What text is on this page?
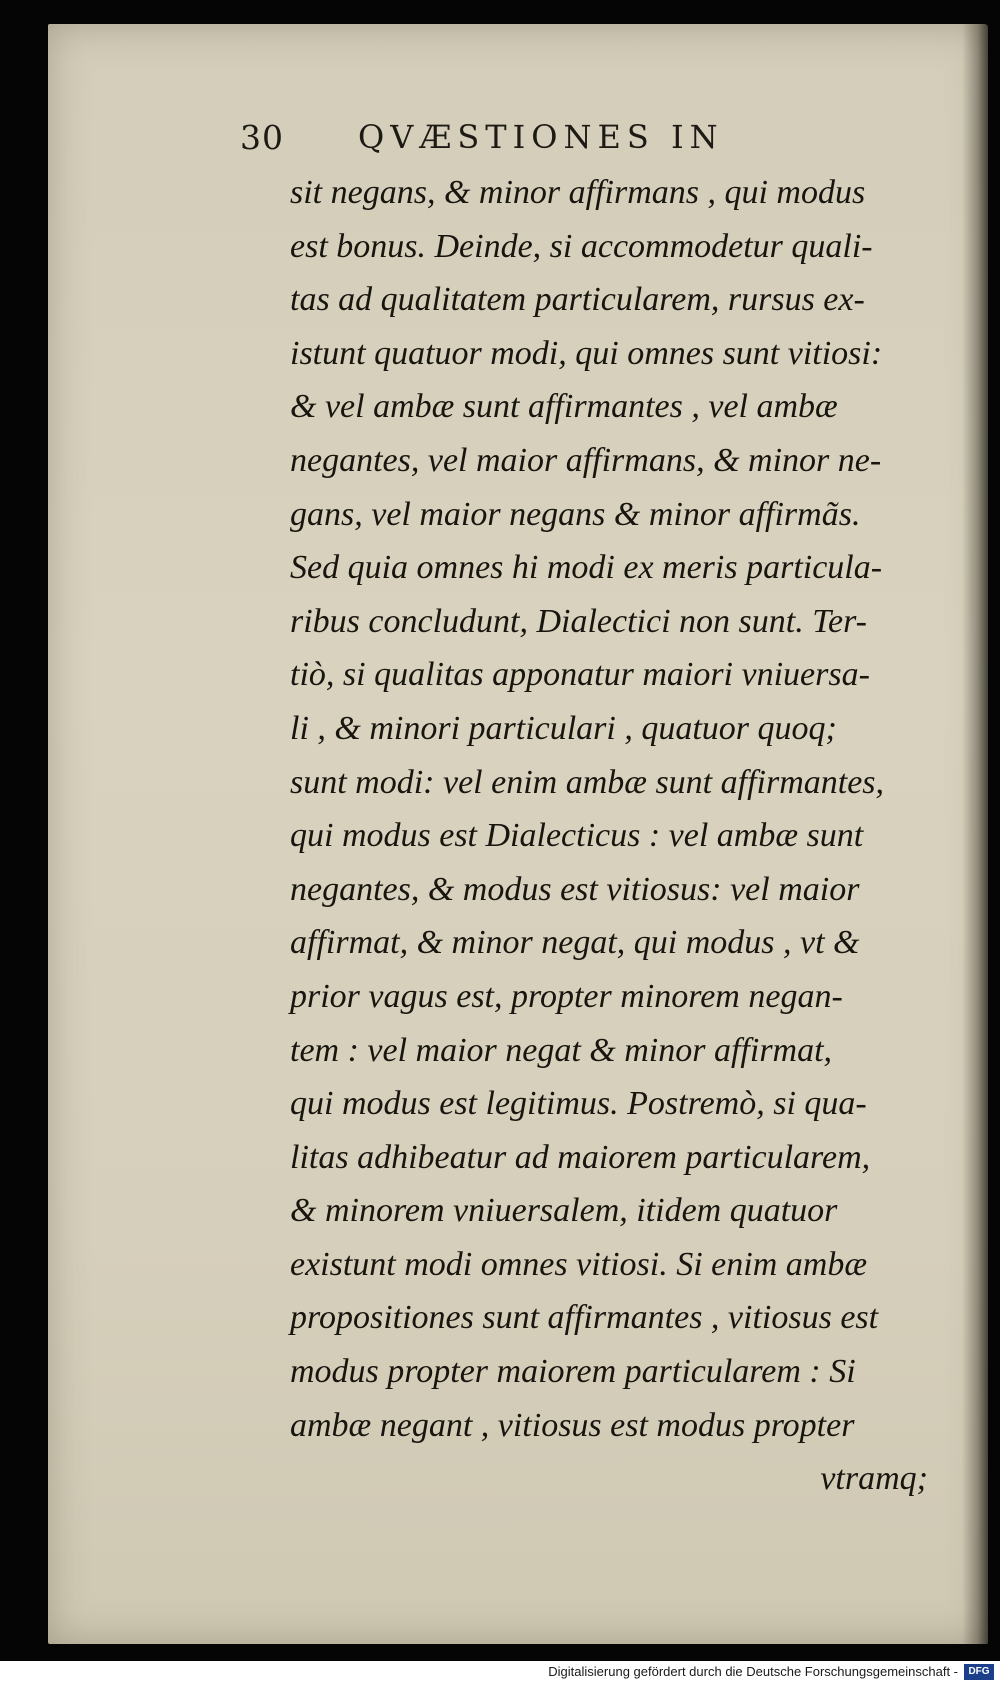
30 QVÆSTIONES IN
sit negans, & minor affirmans , qui modus
est bonus. Deinde, si accommodetur quali-
tas ad qualitatem particularem, rursus ex-
istunt quatuor modi, qui omnes sunt vitiosi:
& vel ambæ sunt affirmantes , vel ambæ
negantes, vel maior affirmans, & minor ne-
gans, vel maior negans & minor affirmãs.
Sed quia omnes hi modi ex meris particula-
ribus concludunt, Dialectici non sunt. Ter-
tiò, si qualitas apponatur maiori vniuersa-
li , & minori particulari , quatuor quoq;
sunt modi: vel enim ambæ sunt affirmantes,
qui modus est Dialecticus : vel ambæ sunt
negantes, & modus est vitiosus: vel maior
affirmat, & minor negat, qui modus , vt &
prior vagus est, propter minorem negan-
tem : vel maior negat & minor affirmat,
qui modus est legitimus. Postremò, si qua-
litas adhibeatur ad maiorem particularem,
& minorem vniuersalem, itidem quatuor
existunt modi omnes vitiosi. Si enim ambæ
propositiones sunt affirmantes , vitiosus est
modus propter maiorem particularem : Si
ambæ negant , vitiosus est modus propter
vtramq;
Digitalisierung gefördert durch die Deutsche Forschungsgemeinschaft -	DFG
